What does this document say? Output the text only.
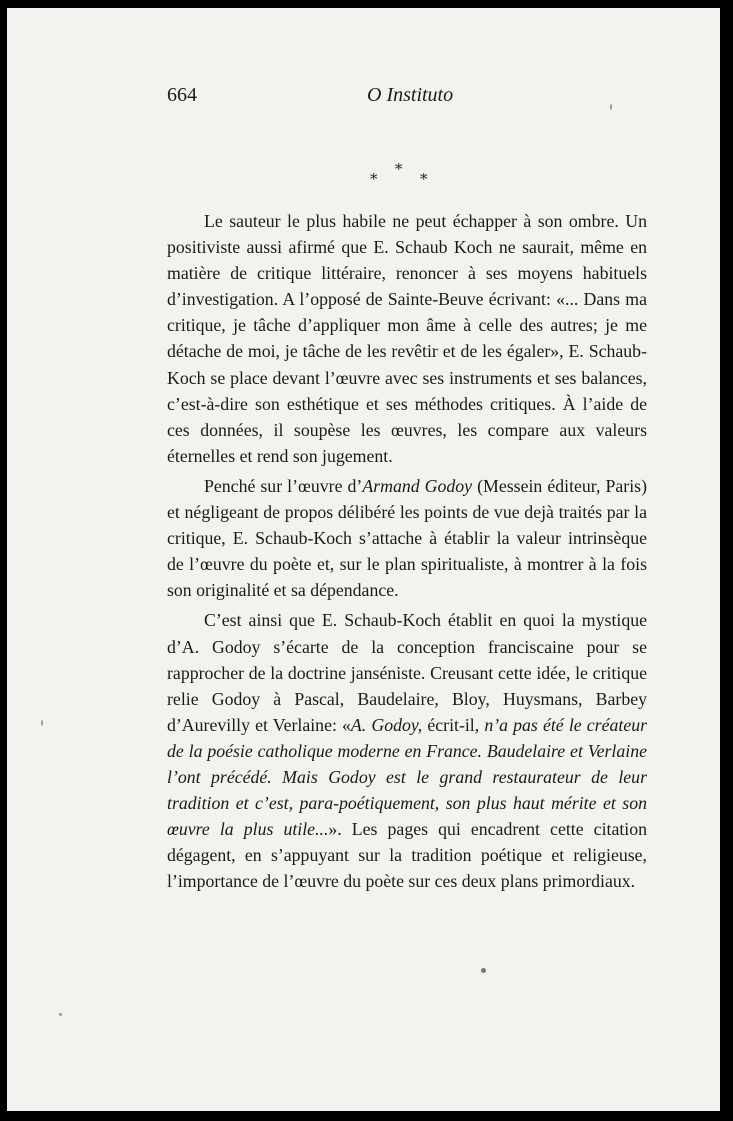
664	O Instituto
*
*
*

Le sauteur le plus habile ne peut échapper à son ombre. Un positiviste aussi afirmé que E. Schaub Koch ne saurait, même en matière de critique littéraire, renoncer à ses moyens habituels d’investigation. A l’opposé de Sainte-Beuve écrivant: «... Dans ma critique, je tâche d’appliquer mon âme à celle des autres; je me détache de moi, je tâche de les revêtir et de les égaler», E. Schaub-Koch se place devant l’œuvre avec ses instruments et ses balances, c’est-à-dire son esthétique et ses méthodes critiques. À l’aide de ces données, il soupèse les œuvres, les compare aux valeurs éternelles et rend son jugement.

Penché sur l’œuvre d’Armand Godoy (Messein éditeur, Paris) et négligeant de propos délibéré les points de vue dejà traités par la critique, E. Schaub-Koch s’attache à établir la valeur intrinsèque de l’œuvre du poète et, sur le plan spiritualiste, à montrer à la fois son originalité et sa dépendance.

C’est ainsi que E. Schaub-Koch établit en quoi la mystique d’A. Godoy s’écarte de la conception franciscaine pour se rapprocher de la doctrine janséniste. Creusant cette idée, le critique relie Godoy à Pascal, Baudelaire, Bloy, Huysmans, Barbey d’Aurevilly et Verlaine: «A. Godoy, écrit-il, n’a pas été le créateur de la poésie catholique moderne en France. Baudelaire et Verlaine l’ont précédé. Mais Godoy est le grand restaurateur de leur tradition et c’est, para-poétiquement, son plus haut mérite et son œuvre la plus utile...». Les pages qui encadrent cette citation dégagent, en s’appuyant sur la tradition poétique et religieuse, l’importance de l’œuvre du poète sur ces deux plans primordiaux.
